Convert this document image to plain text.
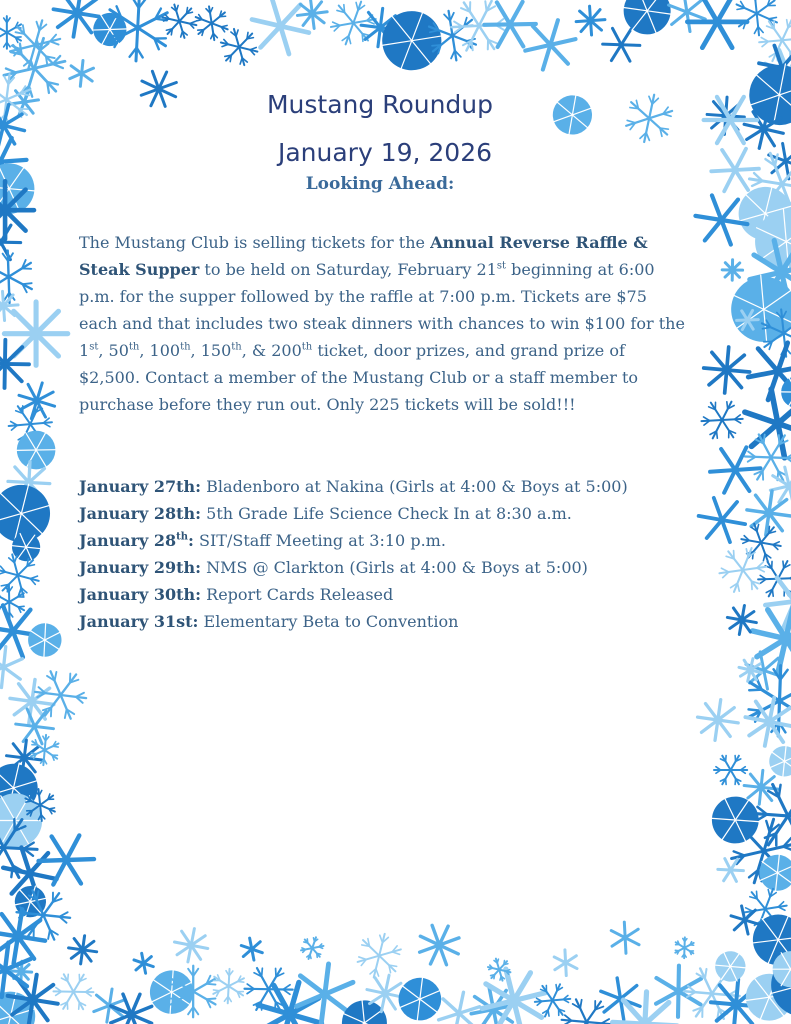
Mustang Roundup
January 19, 2026
Looking Ahead:

The Mustang Club is selling tickets for the Annual Reverse Raffle & Steak Supper to be held on Saturday, February 21st beginning at 6:00 p.m. for the supper followed by the raffle at 7:00 p.m. Tickets are $75 each and that includes two steak dinners with chances to win $100 for the 1st, 50th, 100th, 150th, & 200th ticket, door prizes, and grand prize of $2,500. Contact a member of the Mustang Club or a staff member to purchase before they run out. Only 225 tickets will be sold!!!

January 27th: Bladenboro at Nakina (Girls at 4:00 & Boys at 5:00)
January 28th: 5th Grade Life Science Check In at 8:30 a.m.
January 28th: SIT/Staff Meeting at 3:10 p.m.
January 29th: NMS @ Clarkton (Girls at 4:00 & Boys at 5:00)
January 30th: Report Cards Released
January 31st: Elementary Beta to Convention
